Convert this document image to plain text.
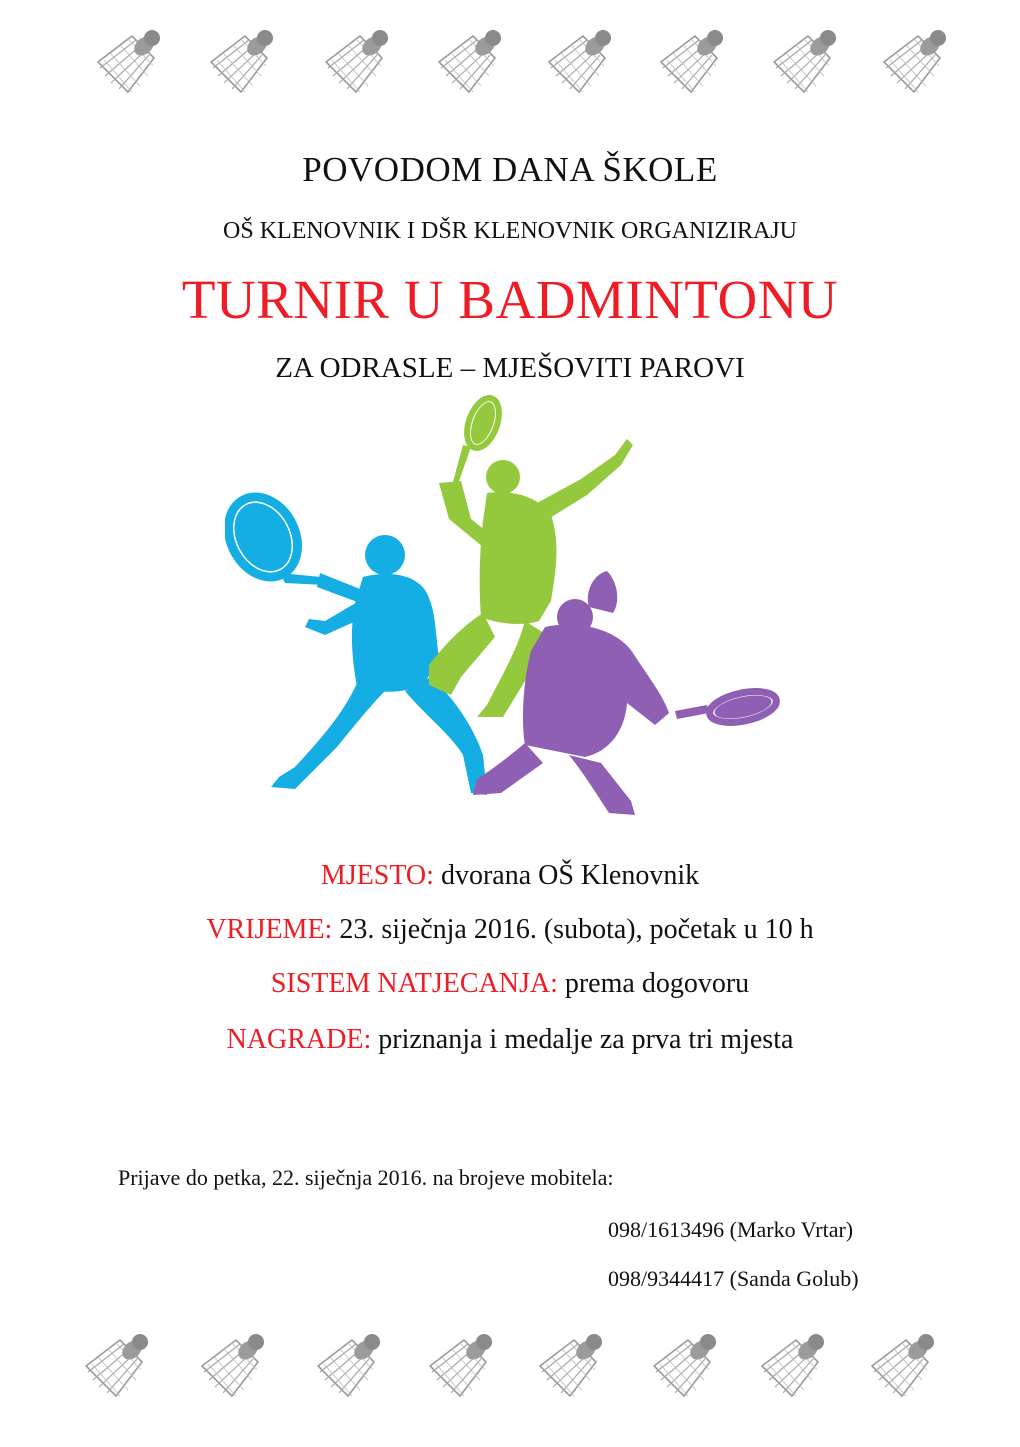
POVODOM DANA ŠKOLE
OŠ KLENOVNIK I DŠR KLENOVNIK ORGANIZIRAJU
TURNIR U BADMINTONU
ZA ODRASLE – MJEŠOVITI PAROVI
MJESTO: dvorana OŠ Klenovnik
VRIJEME: 23. siječnja 2016. (subota), početak u 10 h
SISTEM NATJECANJA: prema dogovoru
NAGRADE: priznanja i medalje za prva tri mjesta
Prijave do petka, 22. siječnja 2016. na brojeve mobitela:
098/1613496 (Marko Vrtar)
098/9344417 (Sanda Golub)
